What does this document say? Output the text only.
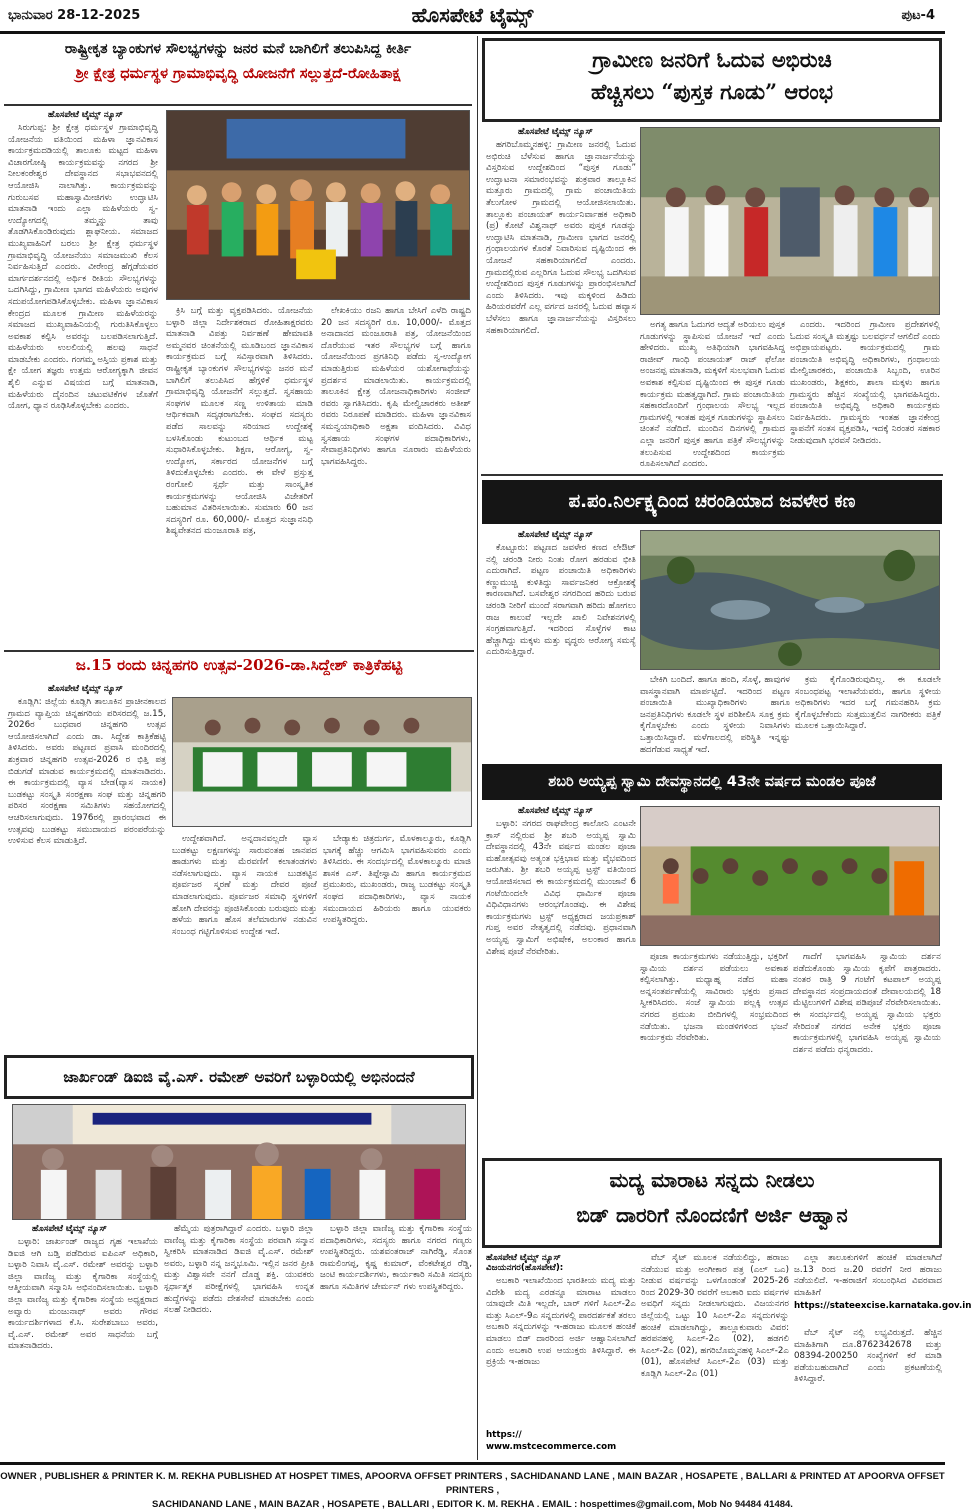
ಹೊಸಪೇಟೆ ಟೈಮ್ಸ್
ಭಾನುವಾರ 28-12-2025	ಪುಟ-4
ರಾಷ್ಟ್ರೀಕೃತ ಬ್ಯಾಂಕುಗಳ ಸೌಲಭ್ಯಗಳನ್ನು ಜನರ ಮನೆ ಬಾಗಿಲಿಗೆ ತಲುಪಿಸಿದ್ದ ಕೀರ್ತಿ
ಶ್ರೀ ಕ್ಷೇತ್ರ ಧರ್ಮಸ್ಥಳ ಗ್ರಾಮಾಭಿವೃದ್ಧಿ ಯೋಜನೆಗೆ ಸಲ್ಲುತ್ತದೆ-ರೋಹಿತಾಕ್ಷ
ಹೊಸಪೇಟೆ ಟೈಮ್ಸ್ ನ್ಯೂಸ್

ಸಿರುಗುಪ್ಪ: ಶ್ರೀ ಕ್ಷೇತ್ರ ಧರ್ಮಸ್ಥಳ ಗ್ರಾಮಾಭಿವೃದ್ಧಿ ಯೋಜನೆಯ ವತಿಯಿಂದ ಮಹಿಳಾ ಜ್ಞಾನವಿಕಾಸ ಕಾರ್ಯಕ್ರಮದಡಿಯಲ್ಲಿ ತಾಲೂಕು ಮಟ್ಟದ ಮಹಿಳಾ ವಿಚಾರಗೋಷ್ಠಿ ಕಾರ್ಯಕ್ರಮವನ್ನು ನಗರದ ಶ್ರೀ ನೀಲಕಂಠೇಶ್ವರ ದೇವಸ್ಥಾನದ ಸಭಾಭವನದಲ್ಲಿ ಆಯೋಜಿಸಿ ನಾಲಾಗಿತ್ತು. ಕಾರ್ಯಕ್ರಮವನ್ನು ಗುರುಬಸವ ಮಹಾಸ್ವಾಮೀಜಿಗಳು ಉದ್ಘಾಟಿಸಿ ಮಾತನಾಡಿ ಇಂದು ಎಲ್ಲಾ ಮಹಿಳೆಯರು ಸ್ವ-ಉದ್ಯೋಗದಲ್ಲಿ ತಮ್ಮನ್ನು ತಾವು ತೊಡಗಿಸಿಕೊಂಡಿರುವುದು ಶ್ಲಾಘನೀಯ. ಸಮಾಜದ ಮುಖ್ಯವಾಹಿನಿಗೆ ಬರಲು ಶ್ರೀ ಕ್ಷೇತ್ರ ಧರ್ಮಸ್ಥಳ ಗ್ರಾಮಾಭಿವೃದ್ಧಿ ಯೋಜನೆಯು ಸಮಾಜಮುಖಿ ಕೆಲಸ ನಿರ್ವಹಿಸುತ್ತಿದೆ ಎಂದರು. ವೀರೇಂದ್ರ ಹೆಗ್ಗಡೆಯವರ ಮಾರ್ಗದರ್ಶನದಲ್ಲಿ ಅರ್ಥಿಕ ರೀತಿಯ ಸೌಲಭ್ಯಗಳನ್ನು ಒದಗಿಸಿದ್ದು, ಗ್ರಾಮೀಣ ಭಾಗದ ಮಹಿಳೆಯರು ಅವುಗಳ ಸದುಪಯೋಗಪಡಿಸಿಕೊಳ್ಳಬೇಕು. ಮಹಿಳಾ ಜ್ಞಾನವಿಕಾಸ ಕೇಂದ್ರದ ಮೂಲಕ ಗ್ರಾಮೀಣ ಮಹಿಳೆಯರನ್ನು ಸಮಾಜದ ಮುಖ್ಯವಾಹಿನಿಯಲ್ಲಿ ಗುರುತಿಸಿಕೊಳ್ಳಲು ಅವಕಾಶ ಕಲ್ಪಿಸಿ ಅವರನ್ನು ಬಲಪಡಿಸಲಾಗುತ್ತಿದೆ. ಮಹಿಳೆಯರು ಉಲಲಿಯಲ್ಲಿ ಹಲವು ಸಾಧನೆ ಮಾಡಬೇಕು ಎಂದರು. ಗಂಗಮ್ಮ ಅಸ್ತಿಯ ಪ್ರಕಾಶ ಮತ್ತು ಕ್ಷೇ ಯೋಗ ತಜ್ಞರು ಉತ್ತಮ ಆರೋಗ್ಯಕ್ಕಾಗಿ ಜೀವನ ಶೈಲಿ ಎನ್ನುವ ವಿಷಯದ ಬಗ್ಗೆ ಮಾತನಾಡಿ, ಮಹಿಳೆಯರು ದೈನಂದಿನ ಚಟುವಟಿಕೆಗಳ ಜೊತೆಗೆ ಯೋಗ, ಧ್ಯಾನ ರೂಢಿಸಿಕೊಳ್ಳಬೇಕು ಎಂದರು.

ಕ್ರಿಸಿ ಬಗ್ಗೆ ಮತ್ತು ವ್ಯಕ್ತಪಡಿಸಿದರು. ಯೋಜನೆಯ ಬಳ್ಳಾರಿ ಜಿಲ್ಲಾ ನಿರ್ದೇಶಕರಾದ ರೋಹಿತಾಕ್ಷರವರು ಮಾತನಾಡಿ ವಿಪತ್ತು ನಿರ್ವಹಣೆ ಹೇಮಾವತಿ ಅಮ್ಮನವರ ಚಿಂತನೆಯಲ್ಲಿ ಮೂಡಿಬಂದ ಜ್ಞಾನವಿಕಾಸ ಕಾರ್ಯಕ್ರಮದ ಬಗ್ಗೆ ಸವಿಸ್ತಾರವಾಗಿ ತಿಳಿಸಿದರು. ರಾಷ್ಟ್ರೀಕೃತ ಬ್ಯಾಂಕುಗಳ ಸೌಲಭ್ಯಗಳನ್ನು ಜನರ ಮನೆ ಬಾಗಿಲಿಗೆ ತಲುಪಿಸಿದ ಹೆಗ್ಗಳಿಕೆ ಧರ್ಮಸ್ಥಳ ಗ್ರಾಮಾಭಿವೃದ್ಧಿ ಯೋಜನೆಗೆ ಸಲ್ಲುತ್ತದೆ. ಸ್ವಸಹಾಯ ಸಂಘಗಳ ಮೂಲಕ ಸಣ್ಣ ಉಳಿತಾಯ ಮಾಡಿ ಆರ್ಥಿಕವಾಗಿ ಸದೃಢರಾಗಬೇಕು. ಸಂಘದ ಸದಸ್ಯರು ಪಡೆದ ಸಾಲವನ್ನು ಸರಿಯಾದ ಉದ್ದೇಶಕ್ಕೆ ಬಳಸಿಕೊಂಡು ಕುಟುಂಬದ ಆರ್ಥಿಕ ಮಟ್ಟ ಸುಧಾರಿಸಿಕೊಳ್ಳಬೇಕು. ಶಿಕ್ಷಣ, ಆರೋಗ್ಯ, ಸ್ವ-ಉದ್ಯೋಗ, ಸರ್ಕಾರದ ಯೋಜನೆಗಳ ಬಗ್ಗೆ ತಿಳಿದುಕೊಳ್ಳಬೇಕು ಎಂದರು. ಈ ವೇಳೆ ಪ್ರಸ್ತುತ್ತ ರಂಗೋಲಿ ಸ್ಪರ್ಧೆ ಮತ್ತು ಸಾಂಸ್ಕೃತಿಕ ಕಾರ್ಯಕ್ರಮಗಳನ್ನು ಆಯೋಜಿಸಿ ವಿಜೇತರಿಗೆ ಬಹುಮಾನ ವಿತರಿಸಲಾಯಿತು. ಸುಮಾರು 60 ಜನ ಸದಸ್ಯರಿಗೆ ರೂ. 60,000/- ಮೊತ್ತದ ಸುಜ್ಞಾನನಿಧಿ ಶಿಷ್ಯವೇತನದ ಮಂಜೂರಾತಿ ಪತ್ರ,

ಲೇಖಕಿಯು ರಜನಿ ಹಾಗೂ ಬೇಸಿಗೆ ಎಳೆದಿ ರಾಷ್ಟ್ರದಿ 20 ಜನ ಸದಸ್ಯರಿಗೆ ರೂ. 10,000/- ಮೊತ್ತದ ಅನಾದಾನದ ಮಂಜೂರಾತಿ ಪತ್ರ, ಯೋಜನೆಯಿಂದ ದೊರೆಯುವ ಇತರ ಸೌಲಭ್ಯಗಳ ಬಗ್ಗೆ ಹಾಗೂ ಯೋಜನೆಯಿಂದ ಪ್ರಗತಿನಿಧಿ ಪಡೆದು ಸ್ವ-ಉದ್ಯೋಗ ಮಾಡುತ್ತಿರುವ ಮಹಿಳೆಯರ ಯಶೋಗಾಥೆಯನ್ನು ಪ್ರದರ್ಶನ ಮಾಡಲಾಯಿತು. ಕಾರ್ಯಕ್ರಮದಲ್ಲಿ ತಾಲೂಕಿನ ಕ್ಷೇತ್ರ ಯೋಜನಾಧಿಕಾರಿಗಳು ಸಂಜೀವ್ ರವರು ಸ್ವಾಗತಿಸಿದರು. ಕೃಷಿ ಮೇಲ್ವಿಚಾರಕರು ಅತೀಶ್ ರವರು ನಿರೂಪಣೆ ಮಾಡಿದರು. ಮಹಿಳಾ ಜ್ಞಾನವಿಕಾಸ ಸಮನ್ವಯಾಧಿಕಾರಿ ಅಕ್ಷತಾ ವಂದಿಸಿದರು. ವಿವಿಧ ಸ್ವಸಹಾಯ ಸಂಘಗಳ ಪದಾಧಿಕಾರಿಗಳು, ಸೇವಾಪ್ರತಿನಿಧಿಗಳು ಹಾಗೂ ನೂರಾರು ಮಹಿಳೆಯರು ಭಾಗವಹಿಸಿದ್ದರು.

ಜ.15 ರಂದು ಚಿನ್ನಹಗರಿ ಉತ್ಸವ-2026-ಡಾ.ಸಿದ್ದೇಶ್ ಕಾತ್ರಿಕೆಹಟ್ಟಿ
ಹೊಸಪೇಟೆ ಟೈಮ್ಸ್ ನ್ಯೂಸ್

ಕೂಡ್ಲಿಗಿ: ಜಿಲ್ಲೆಯ ಕೂಡ್ಲಿಗಿ ತಾಲೂಕಿನ ಪ್ರಾಚೀನಕಾಲದ ಗ್ರಾಮದ ವ್ಯಾಪ್ತಿಯ ಚಿನ್ನಹಗರಿಯ ಪರಿಸರದಲ್ಲಿ ಜ.15, 2026ರ ಬುಧವಾರ ಚಿನ್ನಹಗರಿ ಉತ್ಸವ ಆಯೋಜಿಸಲಾಗಿದೆ ಎಂದು ಡಾ. ಸಿದ್ದೇಶ ಕಾತ್ರಿಕೆಹಟ್ಟಿ ತಿಳಿಸಿದರು. ಅವರು ಪಟ್ಟಣದ ಪ್ರವಾಸಿ ಮಂದಿರದಲ್ಲಿ ಶುಕ್ರವಾರ ಚಿನ್ನಹಗರಿ ಉತ್ಸವ-2026 ರ ಭಿತ್ತಿ ಪತ್ರ ಬಿಡುಗಡೆ ಮಾಡುವ ಕಾರ್ಯಕ್ರಮದಲ್ಲಿ ಮಾತನಾಡಿದರು. ಈ ಕಾರ್ಯಕ್ರಮದಲ್ಲಿ ವ್ಯಾಸ ಬೇಡ(ವ್ಯಾಸ ನಾಯಕ) ಬುಡಕಟ್ಟು ಸಂಸ್ಕೃತಿ ಸಂರಕ್ಷಣಾ ಸಂಘ ಮತ್ತು ಚಿನ್ನಹಗರಿ ಪರಿಸರ ಸಂರಕ್ಷಣಾ ಸಮಿತಿಗಳು ಸಹಯೋಗದಲ್ಲಿ ಆಚರಿಸಲಾಗುವುದು. 1976ರಲ್ಲಿ ಪ್ರಾರಂಭವಾದ ಈ ಉತ್ಸವವು ಬುಡಕಟ್ಟು ಸಮುದಾಯದ ಪರಂಪರೆಯನ್ನು ಉಳಿಸುವ ಕೆಲಸ ಮಾಡುತ್ತಿದೆ.	ಉದ್ದೇಶವಾಗಿದೆ. ಅನ್ನದಾನವಲ್ಲದೇ ವ್ಯಾಸ ಬುಡಕಟ್ಟು ಲಕ್ಷಣಗಳನ್ನು ಸಾರುವಂತಹ ಜಾನಪದ ಹಾಡುಗಳು ಮತ್ತು ಮೆರವಣಿಗೆ ಕಲಾತಂಡಗಳು ನಡೆಸಲಾಗುವುದು. ವ್ಯಾಸ ನಾಯಕ ಬುಡಕಟ್ಟಿನ ಪೂರ್ವಜರ ಸ್ಮರಣೆ ಮತ್ತು ದೇವರ ಪೂಜೆ ಮಾಡಲಾಗುವುದು. ಪೂರ್ವಜರ ಸಮಾಧಿ ಸ್ಥಳಗಳಿಗೆ ಹೋಗಿ ದೇವರನ್ನು ಪೂಜಿಸಿಕೊಂಡು ಬರುವುದು ಮತ್ತು ಹಳೆಯ ಹಾಗೂ ಹೊಸ ತಲೆಮಾರುಗಳ ನಡುವಿನ ಸಂಬಂಧ ಗಟ್ಟಿಗೊಳಿಸುವ ಉದ್ದೇಶ ಇದೆ.

ಬೇಡ್ಯಾಕು ಚಿತ್ರದುರ್ಗ, ಮೊಳಕಾಲ್ಮೂರು, ಕೂಡ್ಲಿಗಿ ಭಾಗಕ್ಕೆ ಹೆಚ್ಚು ಆಗಮಿಸಿ ಭಾಗವಹಿಸುವರು ಎಂದು ತಿಳಿಸಿದರು. ಈ ಸಂದರ್ಭದಲ್ಲಿ ಮೊಳಕಾಲ್ಮೂರು ಮಾಜಿ ಶಾಸಕ ಎಸ್. ತಿಪ್ಪೇಸ್ವಾಮಿ ಹಾಗೂ ಕಾರ್ಯಕ್ರಮದ ಪ್ರಮುಖರು, ಮುಖಂಡರು, ರಾಜ್ಯ ಬುಡಕಟ್ಟು ಸಂಸ್ಕೃತಿ ಸಂಘದ ಪದಾಧಿಕಾರಿಗಳು, ವ್ಯಾಸ ನಾಯಕ ಸಮುದಾಯದ ಹಿರಿಯರು ಹಾಗೂ ಯುವಕರು ಉಪಸ್ಥಿತರಿದ್ದರು.

ಜಾರ್ಖಂಡ್ ಡಿಐಜಿ ವೈ.ಎಸ್. ರಮೇಶ್ ಅವರಿಗೆ ಬಳ್ಳಾರಿಯಲ್ಲಿ ಅಭಿನಂದನೆ
ಹೊಸಪೇಟೆ ಟೈಮ್ಸ್ ನ್ಯೂಸ್

ಬಳ್ಳಾರಿ: ಜಾರ್ಖಂಡ್ ರಾಜ್ಯದ ಗೃಹ ಇಲಾಖೆಯ ಡಿಐಜಿ ಆಗಿ ಬಡ್ತಿ ಪಡೆದಿರುವ ಐಪಿಎಸ್ ಅಧಿಕಾರಿ, ಬಳ್ಳಾರಿ ನಿವಾಸಿ ವೈ.ಎಸ್. ರಮೇಶ್ ಅವರನ್ನು ಬಳ್ಳಾರಿ ಜಿಲ್ಲಾ ವಾಣಿಜ್ಯ ಮತ್ತು ಕೈಗಾರಿಕಾ ಸಂಸ್ಥೆಯಲ್ಲಿ ಆತ್ಮೀಯವಾಗಿ ಸನ್ಮಾನಿಸಿ ಅಭಿನಂದಿಸಲಾಯಿತು. ಬಳ್ಳಾರಿ ಜಿಲ್ಲಾ ವಾಣಿಜ್ಯ ಮತ್ತು ಕೈಗಾರಿಕಾ ಸಂಸ್ಥೆಯ ಅಧ್ಯಕ್ಷರಾದ ಅವ್ವಾರು ಮಂಜುನಾಥ್ ಅವರು ಗೌರವ ಕಾರ್ಯದರ್ಶಿಗಳಾದ ಕೆ.ಸಿ. ಸುರೇಶಬಾಬು ಅವರು, ವೈ.ಎಸ್. ರಮೇಶ್ ಅವರ ಸಾಧನೆಯ ಬಗ್ಗೆ ಮಾತನಾಡಿದರು.

ಹೆಮ್ಮೆಯ ಪುತ್ರರಾಗಿದ್ದಾರೆ ಎಂದರು. ಬಳ್ಳಾರಿ ಜಿಲ್ಲಾ ವಾಣಿಜ್ಯ ಮತ್ತು ಕೈಗಾರಿಕಾ ಸಂಸ್ಥೆಯ ಪರವಾಗಿ ಸನ್ಮಾನ ಸ್ವೀಕರಿಸಿ ಮಾತನಾಡಿದ ಡಿಐಜಿ ವೈ.ಎಸ್. ರಮೇಶ್ ಅವರು, ಬಳ್ಳಾರಿ ನನ್ನ ಜನ್ಮಭೂಮಿ. ಇಲ್ಲಿನ ಜನರ ಪ್ರೀತಿ ಮತ್ತು ವಿಶ್ವಾಸವೇ ನನಗೆ ದೊಡ್ಡ ಶಕ್ತಿ. ಯುವಕರು ಸ್ಪರ್ಧಾತ್ಮಕ ಪರೀಕ್ಷೆಗಳಲ್ಲಿ ಭಾಗವಹಿಸಿ ಉನ್ನತ ಹುದ್ದೆಗಳನ್ನು ಪಡೆದು ದೇಶಸೇವೆ ಮಾಡಬೇಕು ಎಂದು ಸಲಹೆ ನೀಡಿದರು.

ಬಳ್ಳಾರಿ ಜಿಲ್ಲಾ ವಾಣಿಜ್ಯ ಮತ್ತು ಕೈಗಾರಿಕಾ ಸಂಸ್ಥೆಯ ಪದಾಧಿಕಾರಿಗಳು, ಸದಸ್ಯರು ಹಾಗೂ ನಗರದ ಗಣ್ಯರು ಉಪಸ್ಥಿತರಿದ್ದರು. ಯಶವಂತರಾಜ್ ನಾಗಿರೆಡ್ಡಿ, ಸೊಂತ ರಾಮಲಿಂಗಪ್ಪ, ಕೃಷ್ಣ ಕುಮಾರ್, ವೆಂಕಟೇಶ್ವರ ರೆಡ್ಡಿ, ಜಂಟಿ ಕಾರ್ಯದರ್ಶಿಗಳು, ಕಾರ್ಯಕಾರಿ ಸಮಿತಿ ಸದಸ್ಯರು ಹಾಗೂ ಸಮಿತಿಗಳ ಚೇರ್ಮನ್ ಗಳು ಉಪಸ್ಥಿತರಿದ್ದರು.

ಗ್ರಾಮೀಣ ಜನರಿಗೆ ಓದುವ ಅಭಿರುಚಿ
ಹೆಚ್ಚಿಸಲು “ಪುಸ್ತಕ ಗೂಡು” ಆರಂಭ
ಹೊಸಪೇಟೆ ಟೈಮ್ಸ್ ನ್ಯೂಸ್

ಹಗರಿಬೊಮ್ಮನಹಳ್ಳಿ: ಗ್ರಾಮೀಣ ಜನರಲ್ಲಿ ಓದುವ ಅಭಿರುಚಿ ಬೆಳೆಸುವ ಹಾಗೂ ಜ್ಞಾನಾರ್ಜನೆಯನ್ನು ವಿಸ್ತರಿಸುವ ಉದ್ದೇಶದಿಂದ “ಪುಸ್ತಕ ಗೂಡು” ಉದ್ಘಾಟನಾ ಸಮಾರಂಭವನ್ನು ಶುಕ್ರವಾರ ತಾಲ್ಲೂಕಿನ ಮತ್ತೂರು ಗ್ರಾಮದಲ್ಲಿ ಗ್ರಾಮ ಪಂಚಾಯಿತಿಯ ತೆಲುಗೋಳ ಗ್ರಾಮದಲ್ಲಿ ಆಯೋಜಿಸಲಾಯಿತು. ತಾಲ್ಲೂಕು ಪಂಚಾಯತ್ ಕಾರ್ಯನಿರ್ವಾಹಕ ಅಧಿಕಾರಿ (ಪ್ರ) ಕೋಟೆ ವಿಶ್ವನಾಥ್ ಅವರು ಪುಸ್ತಕ ಗೂಡನ್ನು ಉದ್ಘಾಟಿಸಿ ಮಾತನಾಡಿ, ಗ್ರಾಮೀಣ ಭಾಗದ ಜನರಲ್ಲಿ ಗ್ರಂಥಾಲಯಗಳ ಕೊರತೆ ನಿವಾರಿಸುವ ದೃಷ್ಟಿಯಿಂದ ಈ ಯೋಜನೆ ಸಹಕಾರಿಯಾಗಲಿದೆ ಎಂದರು. ಗ್ರಾಮದಲ್ಲಿರುವ ಎಲ್ಲರಿಗೂ ಓದುವ ಸೌಲಭ್ಯ ಒದಗಿಸುವ ಉದ್ದೇಶದಿಂದ ಪುಸ್ತಕ ಗೂಡುಗಳನ್ನು ಪ್ರಾರಂಭಿಸಲಾಗಿದೆ ಎಂದು ತಿಳಿಸಿದರು. ಇವು ಮಕ್ಕಳಿಂದ ಹಿಡಿದು ಹಿರಿಯರವರೆಗೆ ಎಲ್ಲ ವರ್ಗದ ಜನರಲ್ಲಿ ಓದುವ ಹವ್ಯಾಸ ಬೆಳೆಸಲು ಹಾಗೂ ಜ್ಞಾನಾರ್ಜನೆಯನ್ನು ವಿಸ್ತರಿಸಲು ಸಹಕಾರಿಯಾಗಲಿದೆ.

ಅಗತ್ಯ ಹಾಗೂ ಓದುಗರ ಆದ್ಯತೆ ಅರಿಯಲು ಪುಸ್ತಕ ಗೂಡುಗಳನ್ನು ಸ್ಥಾಪಿಸುವ ಯೋಜನೆ ಇದೆ ಎಂದು ಹೇಳಿದರು. ಮುಖ್ಯ ಅತಿಥಿಯಾಗಿ ಭಾಗವಹಿಸಿದ್ದ ರಾಜೀವ್ ಗಾಂಧಿ ಪಂಚಾಯತ್ ರಾಜ್ ಫೆಲೋ ಅಂಜನಪ್ಪ ಮಾತನಾಡಿ, ಮಕ್ಕಳಿಗೆ ಸುಲಭವಾಗಿ ಓದುವ ಅವಕಾಶ ಕಲ್ಪಿಸುವ ದೃಷ್ಟಿಯಿಂದ ಈ ಪುಸ್ತಕ ಗೂಡು ಕಾರ್ಯಕ್ರಮ ಮಹತ್ವದ್ದಾಗಿದೆ. ಗ್ರಾಮ ಪಂಚಾಯಿತಿಯ ಸಹಕಾರದೊಂದಿಗೆ ಗ್ರಂಥಾಲಯ ಸೌಲಭ್ಯ ಇಲ್ಲದ ಗ್ರಾಮಗಳಲ್ಲಿ ಇಂತಹ ಪುಸ್ತಕ ಗೂಡುಗಳನ್ನು ಸ್ಥಾಪಿಸಲು ಚಿಂತನೆ ನಡೆದಿದೆ. ಮುಂದಿನ ದಿನಗಳಲ್ಲಿ ಗ್ರಾಮದ ಎಲ್ಲಾ ಜನರಿಗೆ ಪುಸ್ತಕ ಹಾಗೂ ಪತ್ರಿಕೆ ಸೌಲಭ್ಯಗಳನ್ನು ತಲುಪಿಸುವ ಉದ್ದೇಶದಿಂದ ಕಾರ್ಯಕ್ರಮ ರೂಪಿಸಲಾಗಿದೆ ಎಂದರು.

ಎಂದರು. ಇದರಿಂದ ಗ್ರಾಮೀಣ ಪ್ರದೇಶಗಳಲ್ಲಿ ಓದುವ ಸಂಸ್ಕೃತಿ ಮತ್ತಷ್ಟು ಬಲವರ್ಧನೆ ಆಗಲಿದೆ ಎಂದು ಅಭಿಪ್ರಾಯಪಟ್ಟರು. ಕಾರ್ಯಕ್ರಮದಲ್ಲಿ ಗ್ರಾಮ ಪಂಚಾಯಿತಿ ಅಭಿವೃದ್ಧಿ ಅಧಿಕಾರಿಗಳು, ಗ್ರಂಥಾಲಯ ಮೇಲ್ವಿಚಾರಕರು, ಪಂಚಾಯಿತಿ ಸಿಬ್ಬಂದಿ, ಊರಿನ ಮುಖಂಡರು, ಶಿಕ್ಷಕರು, ಶಾಲಾ ಮಕ್ಕಳು ಹಾಗೂ ಗ್ರಾಮಸ್ಥರು ಹೆಚ್ಚಿನ ಸಂಖ್ಯೆಯಲ್ಲಿ ಭಾಗವಹಿಸಿದ್ದರು. ಪಂಚಾಯಿತಿ ಅಭಿವೃದ್ಧಿ ಅಧಿಕಾರಿ ಕಾರ್ಯಕ್ರಮ ನಿರ್ವಹಿಸಿದರು. ಗ್ರಾಮಸ್ಥರು ಇಂತಹ ಜ್ಞಾನಕೇಂದ್ರ ಸ್ಥಾಪನೆಗೆ ಸಂತಸ ವ್ಯಕ್ತಪಡಿಸಿ, ಇದಕ್ಕೆ ನಿರಂತರ ಸಹಕಾರ ನೀಡುವುದಾಗಿ ಭರವಸೆ ನೀಡಿದರು.

ಪ.ಪಂ.ನಿರ್ಲಕ್ಷ್ಯದಿಂದ ಚರಂಡಿಯಾದ ಜವಳೇರ ಕಣ
ಹೊಸಪೇಟೆ ಟೈಮ್ಸ್ ನ್ಯೂಸ್

ಕೊಟ್ಟೂರು: ಪಟ್ಟಣದ ಜವಳೇರ ಕಣದ ಲೇಔಟ್ ನಲ್ಲಿ ಚರಂಡಿ ನೀರು ನಿಂತು ರೋಗ ಹರಡುವ ಭೀತಿ ಎದುರಾಗಿದೆ. ಪಟ್ಟಣ ಪಂಚಾಯಿತಿ ಅಧಿಕಾರಿಗಳು ಕಣ್ಣುಮುಚ್ಚಿ ಕುಳಿತಿದ್ದು ಸಾರ್ವಜನಿಕರ ಆಕ್ರೋಶಕ್ಕೆ ಕಾರಣವಾಗಿದೆ. ಬಸವೇಶ್ವರ ನಗರದಿಂದ ಹರಿದು ಬರುವ ಚರಂಡಿ ನೀರಿಗೆ ಮುಂದೆ ಸರಾಗವಾಗಿ ಹರಿದು ಹೋಗಲು ರಾಜ ಕಾಲುವೆ ಇಲ್ಲದೇ ಖಾಲಿ ನಿವೇಶನಗಳಲ್ಲಿ ಸಂಗ್ರಹವಾಗುತ್ತಿದೆ. ಇದರಿಂದ ಸೊಳ್ಳೆಗಳ ಕಾಟ ಹೆಚ್ಚಾಗಿದ್ದು ಮಕ್ಕಳು ಮತ್ತು ವೃದ್ಧರು ಆರೋಗ್ಯ ಸಮಸ್ಯೆ ಎದುರಿಸುತ್ತಿದ್ದಾರೆ.

ಬೇಕಿಗಿ ಬಂದಿದೆ. ಹಾಗೂ ಹಂದಿ, ಸೊಳ್ಳೆ, ಹಾವುಗಳ ವಾಸಸ್ಥಾನವಾಗಿ ಮಾರ್ಪಟ್ಟಿದೆ. ಇದರಿಂದ ಪಟ್ಟಣ ಪಂಚಾಯಿತಿ ಮುಖ್ಯಾಧಿಕಾರಿಗಳು ಹಾಗೂ ಜನಪ್ರತಿನಿಧಿಗಳು ಕೂಡಲೇ ಸ್ಥಳ ಪರಿಶೀಲಿಸಿ ಸೂಕ್ತ ಕ್ರಮ ಕೈಗೊಳ್ಳಬೇಕು ಎಂದು ಸ್ಥಳೀಯ ನಿವಾಸಿಗಳು ಒತ್ತಾಯಿಸಿದ್ದಾರೆ. ಮಳೆಗಾಲದಲ್ಲಿ ಪರಿಸ್ಥಿತಿ ಇನ್ನಷ್ಟು ಹದಗೆಡುವ ಸಾಧ್ಯತೆ ಇದೆ.

ಕ್ರಮ ಕೈಗೊಂಡಿರುವುದಿಲ್ಲ. ಈ ಕೂಡಲೇ ಸಂಬಂಧಪಟ್ಟ ಇಲಾಖೆಯವರು, ಹಾಗೂ ಸ್ಥಳೀಯ ಅಧಿಕಾರಿಗಳು ಇದರ ಬಗ್ಗೆ ಗಮನಹರಿಸಿ ಕ್ರಮ ಕೈಗೊಳ್ಳಬೇಕೆಂದು ಸುತ್ತಮುತ್ತಲಿನ ನಾಗರೀಕರು ಪತ್ರಿಕೆ ಮೂಲಕ ಒತ್ತಾಯಿಸಿದ್ದಾರೆ.

ಶಬರಿ ಅಯ್ಯಪ್ಪ ಸ್ವಾಮಿ ದೇವಸ್ಥಾನದಲ್ಲಿ 43ನೇ ವರ್ಷದ ಮಂಡಲ ಪೂಜೆ
ಹೊಸಪೇಟೆ ಟೈಮ್ಸ್ ನ್ಯೂಸ್

ಬಳ್ಳಾರಿ: ನಗರದ ರಾಘವೇಂದ್ರ ಕಾಲೋನಿ ಎಂಟನೇ ಕ್ರಾಸ್ ನಲ್ಲಿರುವ ಶ್ರೀ ಶಬರಿ ಅಯ್ಯಪ್ಪ ಸ್ವಾಮಿ ದೇವಸ್ಥಾನದಲ್ಲಿ 43ನೇ ವರ್ಷದ ಮಂಡಲ ಪೂಜಾ ಮಹೋತ್ಸವವು ಅತ್ಯಂತ ಭಕ್ತಿಭಾವ ಮತ್ತು ವೈಭವದಿಂದ ಜರುಗಿತು. ಶ್ರೀ ಶಬರಿ ಅಯ್ಯಪ್ಪ ಟ್ರಸ್ಟ್ ವತಿಯಿಂದ ಆಯೋಜಿಸಲಾದ ಈ ಕಾರ್ಯಕ್ರಮದಲ್ಲಿ ಮುಂಜಾನೆ 6 ಗಂಟೆಯಿಂದಲೇ ವಿವಿಧ ಧಾರ್ಮಿಕ ಪೂಜಾ ವಿಧಿವಿಧಾನಗಳು ಆರಂಭಗೊಂಡವು. ಈ ವಿಶೇಷ ಕಾರ್ಯಕ್ರಮಗಳು ಟ್ರಸ್ಟ್ ಅಧ್ಯಕ್ಷರಾದ ಜಯಪ್ರಕಾಶ್ ಗುಪ್ತ ಅವರ ನೇತೃತ್ವದಲ್ಲಿ ನಡೆದವು. ಪ್ರಧಾನವಾಗಿ ಅಯ್ಯಪ್ಪ ಸ್ವಾಮಿಗೆ ಅಭಿಷೇಕ, ಅಲಂಕಾರ ಹಾಗೂ ವಿಶೇಷ ಪೂಜೆ ನೆರವೇರಿತು.

ಪೂಜಾ ಕಾರ್ಯಕ್ರಮಗಳು ನಡೆಯುತ್ತಿದ್ದು, ಭಕ್ತರಿಗೆ ಸ್ವಾಮಿಯ ದರ್ಶನ ಪಡೆಯಲು ಅವಕಾಶ ಕಲ್ಪಿಸಲಾಗಿತ್ತು. ಮಧ್ಯಾಹ್ನ ನಡೆದ ಮಹಾ ಅನ್ನಸಂತರ್ಪಣೆಯಲ್ಲಿ ಸಾವಿರಾರು ಭಕ್ತರು ಪ್ರಸಾದ ಸ್ವೀಕರಿಸಿದರು. ಸಂಜೆ ಸ್ವಾಮಿಯ ಪಲ್ಲಕ್ಕಿ ಉತ್ಸವ ನಗರದ ಪ್ರಮುಖ ಬೀದಿಗಳಲ್ಲಿ ಸಂಭ್ರಮದಿಂದ ನಡೆಯಿತು. ಭಜನಾ ಮಂಡಳಿಗಳಿಂದ ಭಜನೆ ಕಾರ್ಯಕ್ರಮ ನೆರವೇರಿತು.

ಗಾದೆಗೆ ಭಾಗವಹಿಸಿ ಸ್ವಾಮಿಯ ದರ್ಶನ ಪಡೆದುಕೊಂಡು ಸ್ವಾಮಿಯ ಕೃಪೆಗೆ ಪಾತ್ರರಾದರು. ನಂತರ ರಾತ್ರಿ 9 ಗಂಟೆಗೆ ಕಟಪಾಲ್ ಅಯ್ಯಪ್ಪ ದೇವಸ್ಥಾನದ ಸಂಪ್ರದಾಯದಂತೆ ದೇವಾಲಯದಲ್ಲಿ 18 ಮೆಟ್ಟಿಲುಗಳಿಗೆ ವಿಶೇಷ ಪಡಿಪೂಜೆ ನೆರವೇರಿಸಲಾಯಿತು. ಈ ಸಂದರ್ಭದಲ್ಲಿ ಅಯ್ಯಪ್ಪ ಸ್ವಾಮಿಯ ಭಕ್ತರು ಸೇರಿದಂತೆ ನಗರದ ಅನೇಕ ಭಕ್ತರು ಪೂಜಾ ಕಾರ್ಯಕ್ರಮಗಳಲ್ಲಿ ಭಾಗವಹಿಸಿ ಅಯ್ಯಪ್ಪ ಸ್ವಾಮಿಯ ದರ್ಶನ ಪಡೆದು ಧನ್ಯರಾದರು.

ಮದ್ಯ ಮಾರಾಟ ಸನ್ನದು ನೀಡಲು
ಬಿಡ್ ದಾರರಿಗೆ ನೊಂದಣಿಗೆ ಅರ್ಜಿ ಆಹ್ವಾನ
ಹೊಸಪೇಟೆ ಟೈಮ್ಸ್ ನ್ಯೂಸ್ ವಿಜಯನಗರ(ಹೊಸಪೇಟೆ):

ಅಬಕಾರಿ ಇಲಾಖೆಯಿಂದ ಭಾರತೀಯ ಮದ್ಯ ಮತ್ತು ವಿದೇಶಿ ಮದ್ಯ ಎರಡನ್ನೂ ಮಾರಾಟ ಮಾಡಲು ಯಾವುದೇ ಮಿತಿ ಇಲ್ಲದೇ, ಬಾರ್ ಗಳಿಗೆ ಸಿಎಲ್-2ಎ ಮತ್ತು ಸಿಎಲ್-9ಎ ಸನ್ನದುಗಳಲ್ಲಿ ಪಾರದರ್ಶಕತೆ ತರಲು ಅಬಕಾರಿ ಸನ್ನದುಗಳನ್ನು ಇ-ಹರಾಜು ಮೂಲಕ ಹಂಚಿಕೆ ಮಾಡಲು ಬಿಡ್ ದಾರರಿಂದ ಅರ್ಜಿ ಆಹ್ವಾನಿಸಲಾಗಿದೆ ಎಂದು ಅಬಕಾರಿ ಉಪ ಆಯುಕ್ತರು ತಿಳಿಸಿದ್ದಾರೆ. ಈ ಪ್ರಕ್ರಿಯೆ ಇ-ಹರಾಜು

https:// www.mstcecommerce.com

ವೆಬ್ ಸೈಟ್ ಮೂಲಕ ನಡೆಯಲಿದ್ದು, ಹರಾಜು ನಡೆಯುವ ಮತ್ತು ಅಂಗೀಕಾರ ಪತ್ರ (ಎಲ್ ಒಎ) ನೀಡುವ ವರ್ಷವನ್ನು ಒಳಗೊಂಡಂತೆ 2025-26 ರಿಂದ 2029-30 ರವರೆಗೆ ಅಬಕಾರಿ ಐದು ವರ್ಷಗಳ ಅವಧಿಗೆ ಸನ್ನದು ನೀಡಲಾಗುವುದು. ವಿಜಯನಗರ ಜಿಲ್ಲೆಯಲ್ಲಿ ಒಟ್ಟು 10 ಸಿಎಲ್-2ಎ ಸನ್ನದುಗಳನ್ನು ಹಂಚಿಕೆ ಮಾಡಲಾಗಿದ್ದು, ತಾಲ್ಲೂಕುವಾರು ವಿವರ: ಹರಪನಹಳ್ಳಿ ಸಿಎಲ್-2ಎ (02), ಹಡಗಲಿ ಸಿಎಲ್-2ಎ (02), ಹಗರಿಬೊಮ್ಮನಹಳ್ಳಿ ಸಿಎಲ್-2ಎ (01), ಹೊಸಪೇಟೆ ಸಿಎಲ್-2ಎ (03) ಮತ್ತು ಕೂಡ್ಲಿಗಿ ಸಿಎಲ್-2ಎ (01)

ಎಲ್ಲಾ ತಾಲೂಕುಗಳಿಗೆ ಹಂಚಿಕೆ ಮಾಡಲಾಗಿದೆ ಜ.13 ರಿಂದ ಜ.20 ರವರೆಗೆ ನೀರ ಹರಾಜು ನಡೆಯಲಿದೆ. ಇ-ಹರಾಜಿಗೆ ಸಂಬಂಧಿಸಿದ ವಿವರವಾದ ಮಾಹಿತಿಗೆ

https://stateexcise.karnataka.gov.in

ವೆಬ್ ಸೈಟ್ ನಲ್ಲಿ ಲಭ್ಯವಿರುತ್ತದೆ. ಹೆಚ್ಚಿನ ಮಾಹಿತಿಗಾಗಿ ದೂ.8762342678 ಮತ್ತು 08394-200250 ಸಂಖ್ಯೆಗಳಿಗೆ ಕರೆ ಮಾಡಿ ಪಡೆಯಬಹುದಾಗಿದೆ ಎಂದು ಪ್ರಕಟಣೆಯಲ್ಲಿ ತಿಳಿಸಿದ್ದಾರೆ.

OWNER , PUBLISHER & PRINTER K. M. REKHA PUBLISHED AT HOSPET TIMES, APOORVA OFFSET PRINTERS , SACHIDANAND LANE , MAIN BAZAR , HOSAPETE , BALLARI & PRINTED AT APOORVA OFFSET PRINTERS ,
SACHIDANAND LANE , MAIN BAZAR , HOSAPETE , BALLARI , EDITOR K. M. REKHA . EMAIL : hospettimes@gmail.com, Mob No 94484 41484.
